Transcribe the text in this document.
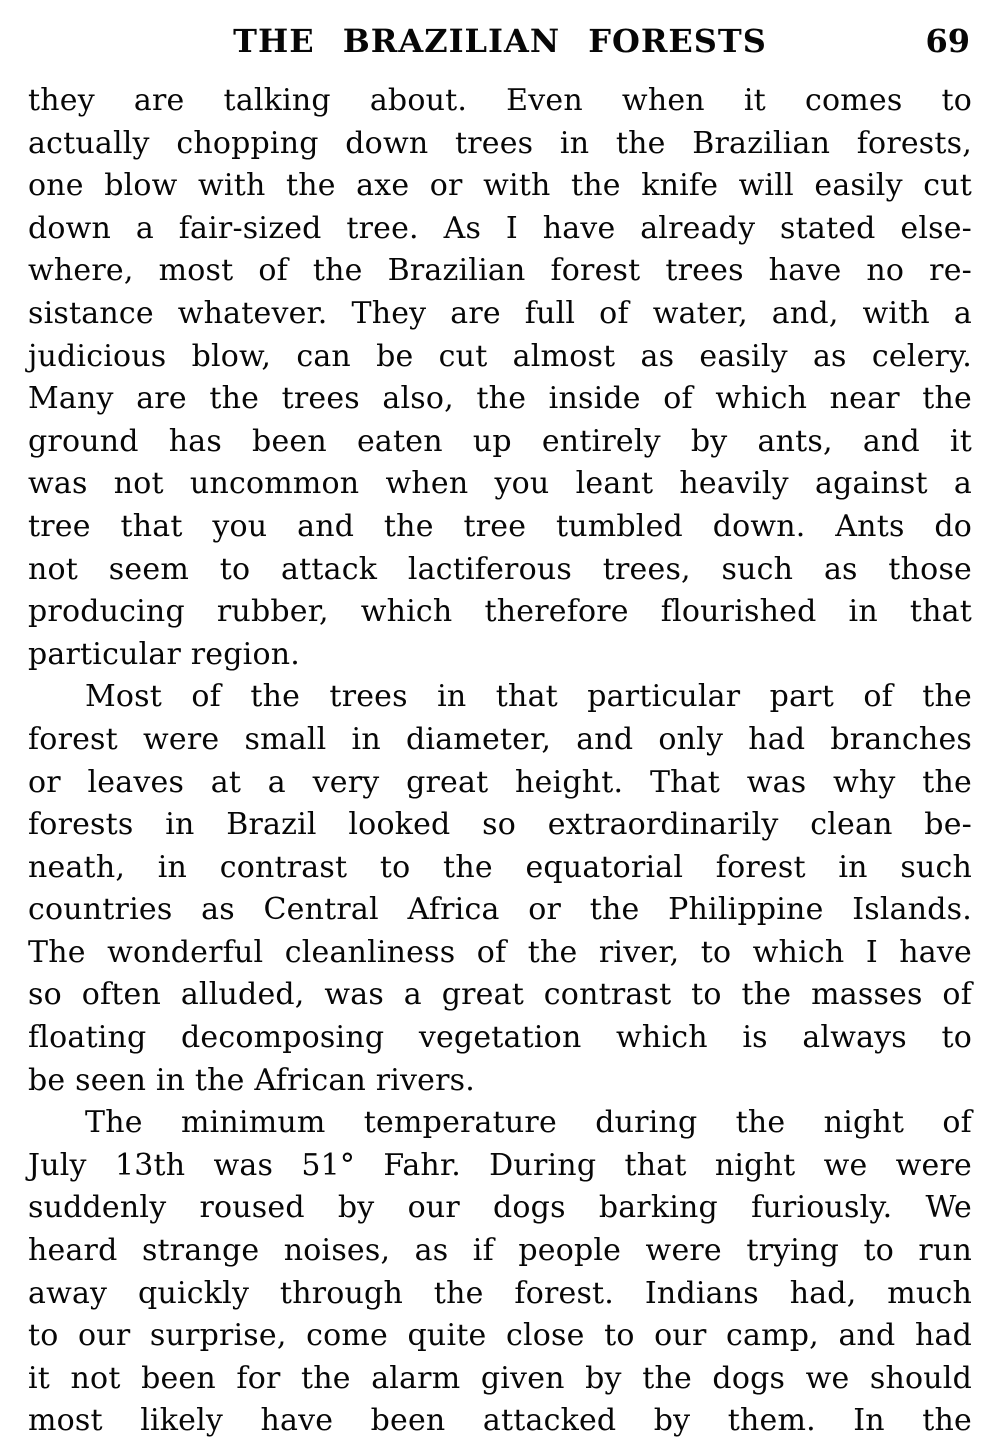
THE BRAZILIAN FORESTS	69

they are talking about. Even when it comes to
actually chopping down trees in the Brazilian forests,
one blow with the axe or with the knife will easily cut
down a fair-sized tree. As I have already stated else-
where, most of the Brazilian forest trees have no re-
sistance whatever. They are full of water, and, with a
judicious blow, can be cut almost as easily as celery.
Many are the trees also, the inside of which near the
ground has been eaten up entirely by ants, and it
was not uncommon when you leant heavily against a
tree that you and the tree tumbled down. Ants do
not seem to attack lactiferous trees, such as those
producing rubber, which therefore flourished in that
particular region.

Most of the trees in that particular part of the
forest were small in diameter, and only had branches
or leaves at a very great height. That was why the
forests in Brazil looked so extraordinarily clean be-
neath, in contrast to the equatorial forest in such
countries as Central Africa or the Philippine Islands.
The wonderful cleanliness of the river, to which I have
so often alluded, was a great contrast to the masses of
floating decomposing vegetation which is always to
be seen in the African rivers.

The minimum temperature during the night of
July 13th was 51° Fahr. During that night we were
suddenly roused by our dogs barking furiously. We
heard strange noises, as if people were trying to run
away quickly through the forest. Indians had, much
to our surprise, come quite close to our camp, and had
it not been for the alarm given by the dogs we should
most likely have been attacked by them. In the
